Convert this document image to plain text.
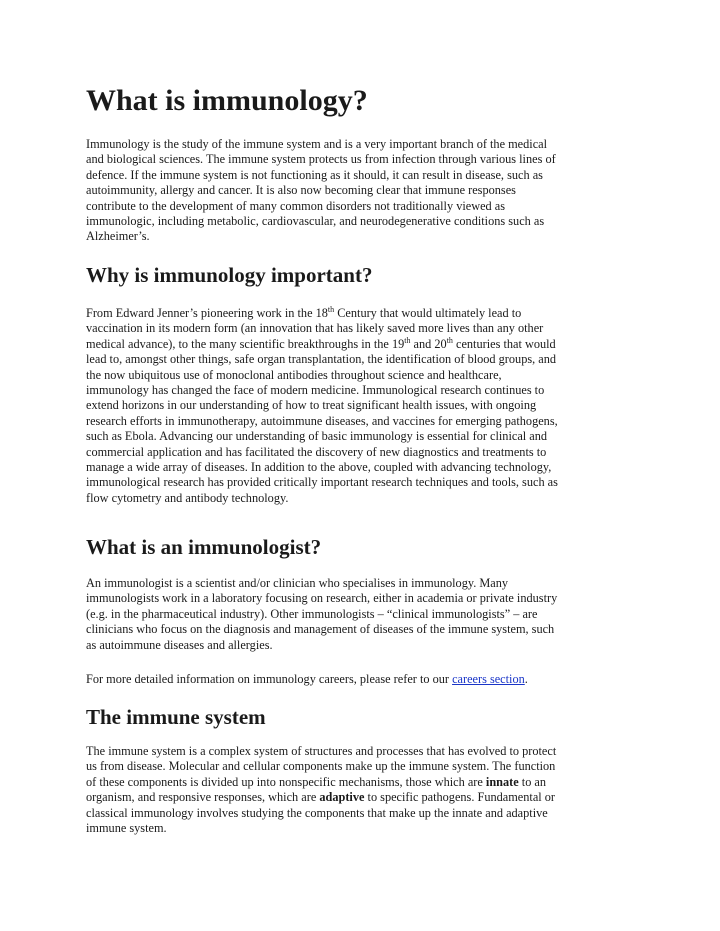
What is immunology?

Immunology is the study of the immune system and is a very important branch of the medical
and biological sciences. The immune system protects us from infection through various lines of
defence. If the immune system is not functioning as it should, it can result in disease, such as
autoimmunity, allergy and cancer. It is also now becoming clear that immune responses
contribute to the development of many common disorders not traditionally viewed as
immunologic, including metabolic, cardiovascular, and neurodegenerative conditions such as
Alzheimer’s.

Why is immunology important?

From Edward Jenner’s pioneering work in the 18th Century that would ultimately lead to
vaccination in its modern form (an innovation that has likely saved more lives than any other
medical advance), to the many scientific breakthroughs in the 19th and 20th centuries that would
lead to, amongst other things, safe organ transplantation, the identification of blood groups, and
the now ubiquitous use of monoclonal antibodies throughout science and healthcare,
immunology has changed the face of modern medicine. Immunological research continues to
extend horizons in our understanding of how to treat significant health issues, with ongoing
research efforts in immunotherapy, autoimmune diseases, and vaccines for emerging pathogens,
such as Ebola. Advancing our understanding of basic immunology is essential for clinical and
commercial application and has facilitated the discovery of new diagnostics and treatments to
manage a wide array of diseases. In addition to the above, coupled with advancing technology,
immunological research has provided critically important research techniques and tools, such as
flow cytometry and antibody technology.

What is an immunologist?

An immunologist is a scientist and/or clinician who specialises in immunology. Many
immunologists work in a laboratory focusing on research, either in academia or private industry
(e.g. in the pharmaceutical industry). Other immunologists – “clinical immunologists” – are
clinicians who focus on the diagnosis and management of diseases of the immune system, such
as autoimmune diseases and allergies.

For more detailed information on immunology careers, please refer to our careers section.

The immune system

The immune system is a complex system of structures and processes that has evolved to protect
us from disease. Molecular and cellular components make up the immune system. The function
of these components is divided up into nonspecific mechanisms, those which are innate to an
organism, and responsive responses, which are adaptive to specific pathogens. Fundamental or
classical immunology involves studying the components that make up the innate and adaptive
immune system.
